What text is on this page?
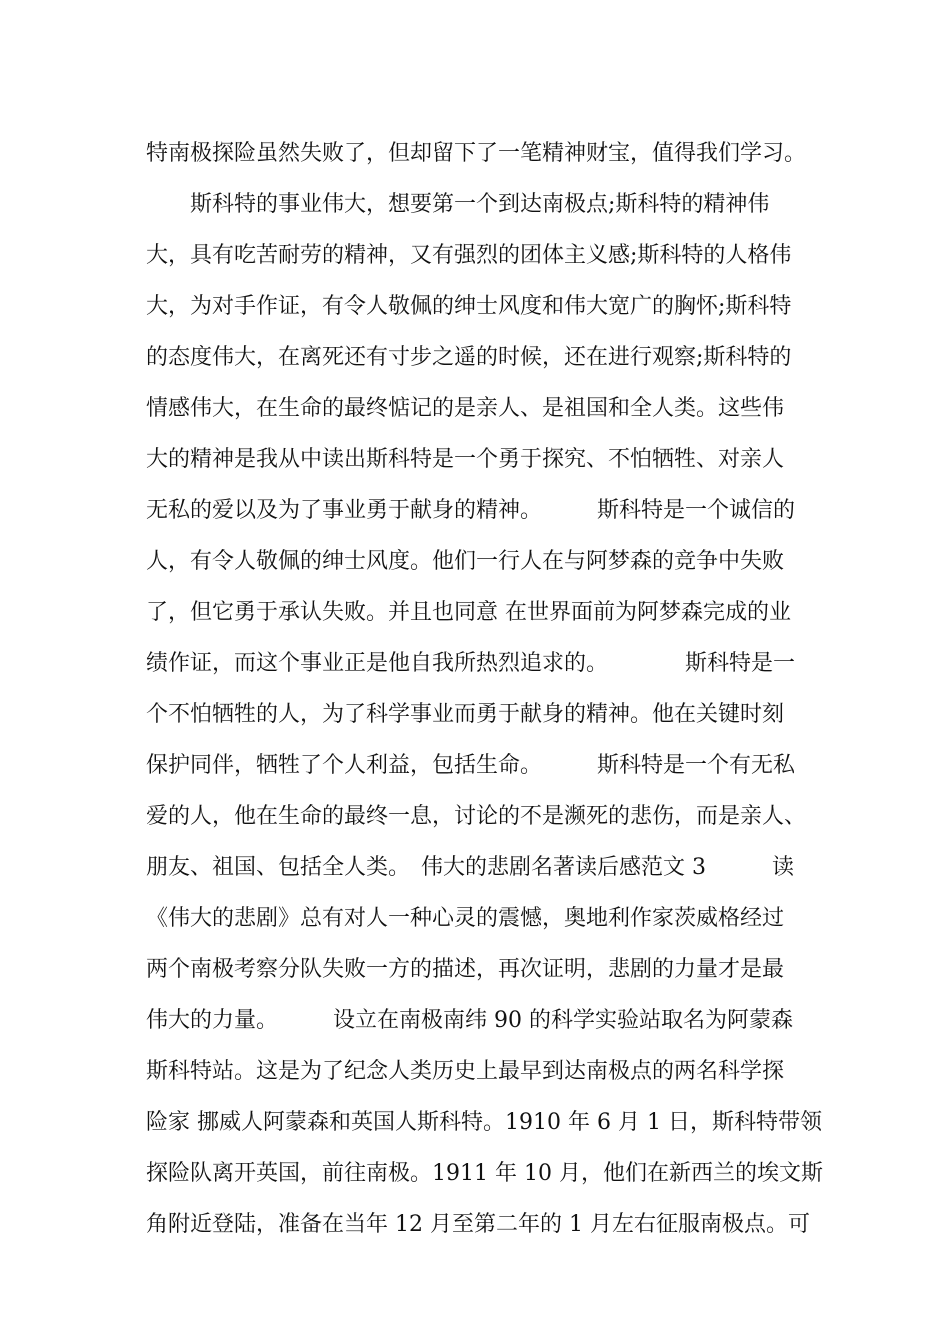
特南极探险虽然失败了，但却留下了一笔精神财宝，值得我们学习。
　　斯科特的事业伟大，想要第一个到达南极点;斯科特的精神伟
大，具有吃苦耐劳的精神，又有强烈的团体主义感;斯科特的人格伟
大，为对手作证，有令人敬佩的绅士风度和伟大宽广的胸怀;斯科特
的态度伟大，在离死还有寸步之遥的时候，还在进行观察;斯科特的
情感伟大，在生命的最终惦记的是亲人、是祖国和全人类。这些伟
大的精神是我从中读出斯科特是一个勇于探究、不怕牺牲、对亲人
无私的爱以及为了事业勇于献身的精神。　　　斯科特是一个诚信的
人，有令人敬佩的绅士风度。他们一行人在与阿梦森的竞争中失败
了，但它勇于承认失败。并且也同意 在世界面前为阿梦森完成的业
绩作证，而这个事业正是他自我所热烈追求的。　　　　斯科特是一
个不怕牺牲的人，为了科学事业而勇于献身的精神。他在关键时刻
保护同伴，牺牲了个人利益，包括生命。　　　斯科特是一个有无私
爱的人，他在生命的最终一息，讨论的不是濒死的悲伤，而是亲人、
朋友、祖国、包括全人类。　伟大的悲剧名著读后感范文 3　　　读
《伟大的悲剧》总有对人一种心灵的震憾，奥地利作家茨威格经过
两个南极考察分队失败一方的描述，再次证明，悲剧的力量才是最
伟大的力量。　　　设立在南极南纬 90 的科学实验站取名为阿蒙森
斯科特站。这是为了纪念人类历史上最早到达南极点的两名科学探
险家 挪威人阿蒙森和英国人斯科特。1910 年 6 月 1 日，斯科特带领
探险队离开英国，前往南极。1911 年 10 月，他们在新西兰的埃文斯
角附近登陆，准备在当年 12 月至第二年的 1 月左右征服南极点。可
